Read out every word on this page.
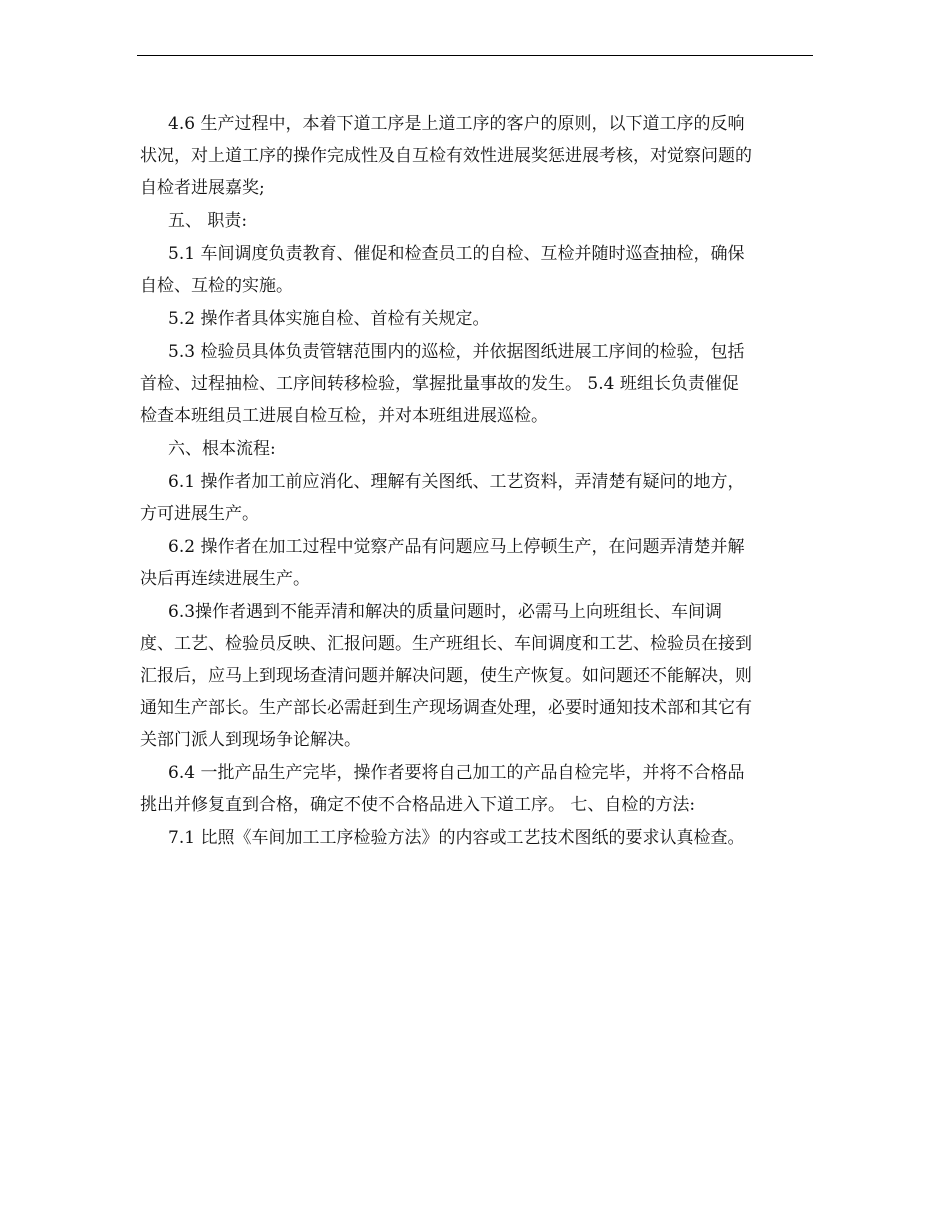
4.6 生产过程中，本着下道工序是上道工序的客户的原则，以下道工序的反响
状况，对上道工序的操作完成性及自互检有效性进展奖惩进展考核，对觉察问题的
自检者进展嘉奖;
五、 职责:
5.1 车间调度负责教育、催促和检查员工的自检、互检并随时巡查抽检，确保
自检、互检的实施。
5.2 操作者具体实施自检、首检有关规定。
5.3 检验员具体负责管辖范围内的巡检，并依据图纸进展工序间的检验，包括
首检、过程抽检、工序间转移检验，掌握批量事故的发生。 5.4 班组长负责催促
检查本班组员工进展自检互检，并对本班组进展巡检。
六、根本流程:
6.1 操作者加工前应消化、理解有关图纸、工艺资料，弄清楚有疑问的地方，
方可进展生产。
6.2 操作者在加工过程中觉察产品有问题应马上停顿生产，在问题弄清楚并解
决后再连续进展生产。
6.3操作者遇到不能弄清和解决的质量问题时，必需马上向班组长、车间调
度、工艺、检验员反映、汇报问题。生产班组长、车间调度和工艺、检验员在接到
汇报后，应马上到现场查清问题并解决问题，使生产恢复。如问题还不能解决，则
通知生产部长。生产部长必需赶到生产现场调查处理，必要时通知技术部和其它有
关部门派人到现场争论解决。
6.4 一批产品生产完毕，操作者要将自己加工的产品自检完毕，并将不合格品
挑出并修复直到合格，确定不使不合格品进入下道工序。 七、自检的方法:
7.1 比照《车间加工工序检验方法》的内容或工艺技术图纸的要求认真检查。
